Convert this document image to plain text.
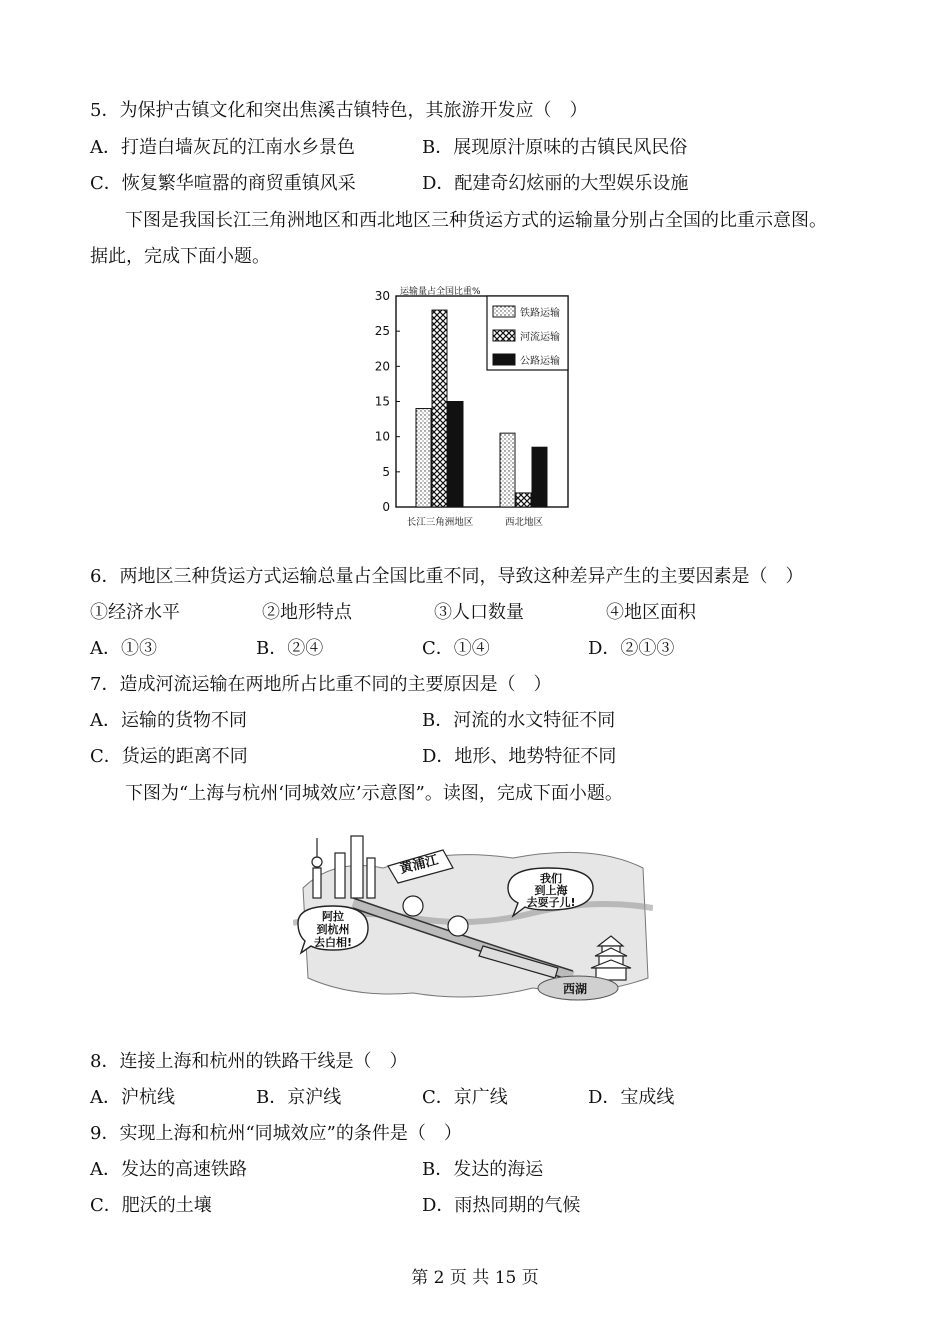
5．为保护古镇文化和突出焦溪古镇特色，其旅游开发应（　）
A．打造白墙灰瓦的江南水乡景色	B．展现原汁原味的古镇民风民俗
C．恢复繁华喧嚣的商贸重镇风采	D．配建奇幻炫丽的大型娱乐设施
下图是我国长江三角洲地区和西北地区三种货运方式的运输量分别占全国的比重示意图。
据此，完成下面小题。
0
5
10
15
20
25
30
长江三角洲地区	西北地区
铁路运输
河流运输
公路运输
运输量占全国比重%
6．两地区三种货运方式运输总量占全国比重不同，导致这种差异产生的主要因素是（　）
①经济水平	②地形特点	③人口数量	④地区面积
A．①③	B．②④	C．①④	D．②①③
7．造成河流运输在两地所占比重不同的主要原因是（　）
A．运输的货物不同	B．河流的水文特征不同
C．货运的距离不同	D．地形、地势特征不同
下图为“上海与杭州‘同城效应’示意图”。读图，完成下面小题。
黄浦江
阿拉
到杭州
去白相!
我们
到上海
去耍子儿!
西湖
8．连接上海和杭州的铁路干线是（　）
A．沪杭线	B．京沪线	C．京广线	D．宝成线
9．实现上海和杭州“同城效应”的条件是（　）
A．发达的高速铁路	B．发达的海运
C．肥沃的土壤	D．雨热同期的气候
第 2 页 共 15 页
